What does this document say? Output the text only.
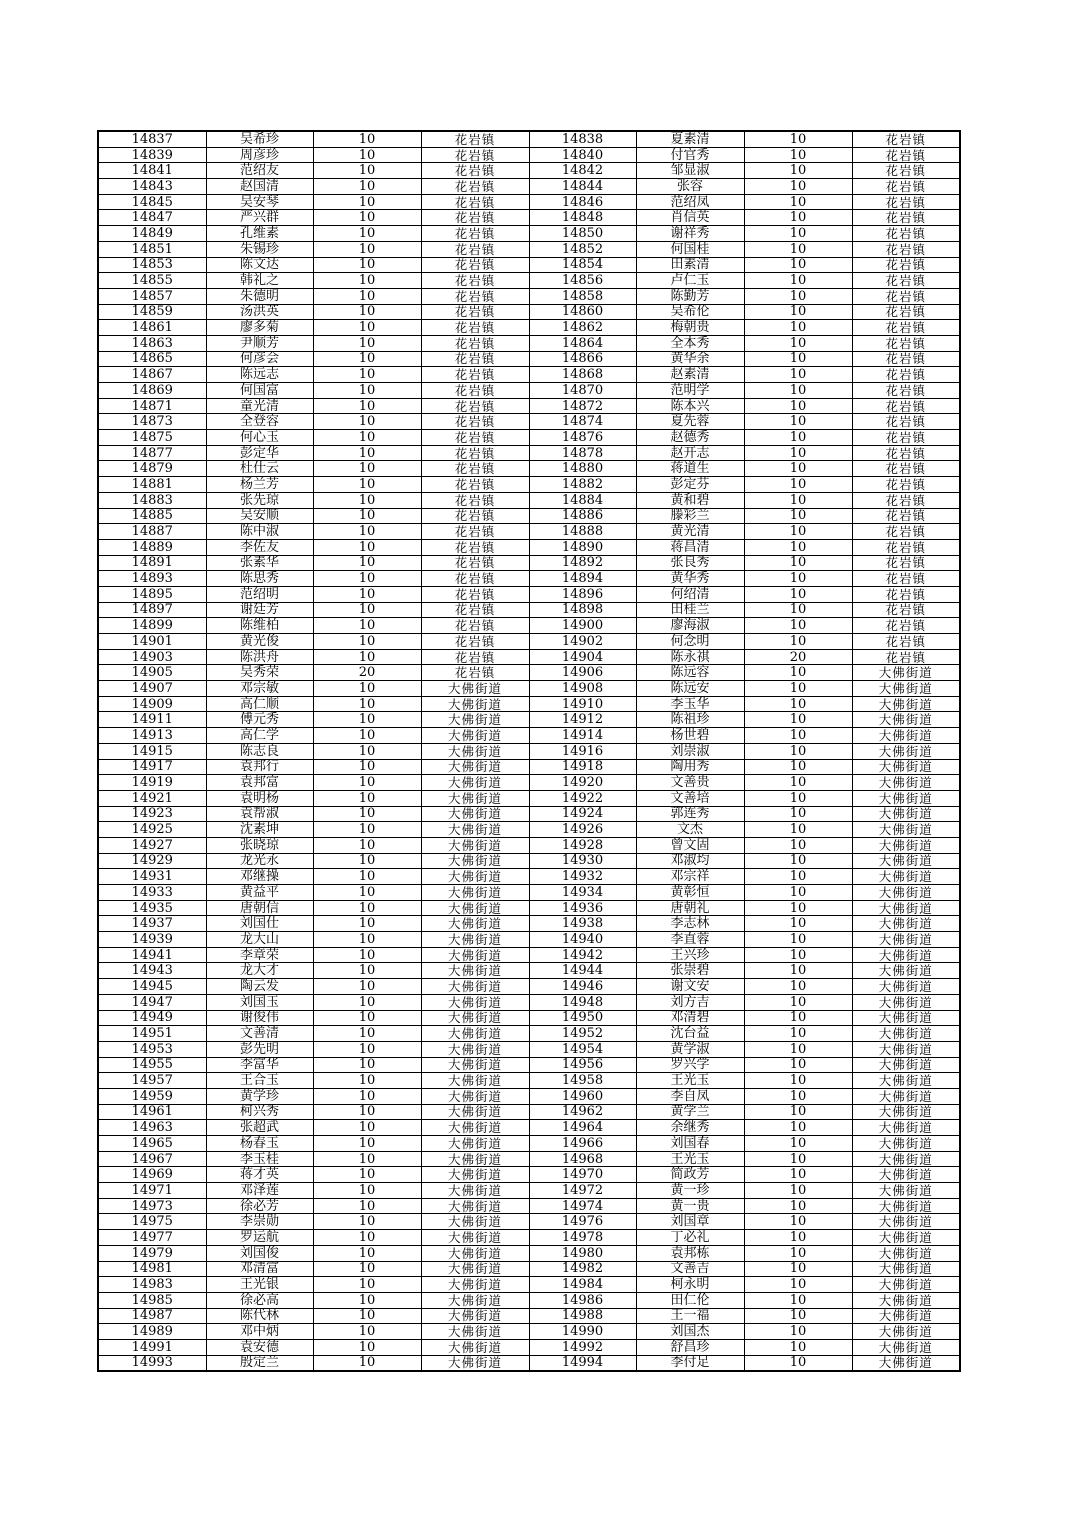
14837	吴希珍	10	花岩镇	14838	夏素清	10	花岩镇
14839	周彦珍	10	花岩镇	14840	付官秀	10	花岩镇
14841	范绍友	10	花岩镇	14842	邹显淑	10	花岩镇
14843	赵国清	10	花岩镇	14844	张容	10	花岩镇
14845	吴安琴	10	花岩镇	14846	范绍凤	10	花岩镇
14847	严兴群	10	花岩镇	14848	肖信英	10	花岩镇
14849	孔维素	10	花岩镇	14850	谢祥秀	10	花岩镇
14851	朱锡珍	10	花岩镇	14852	何国桂	10	花岩镇
14853	陈文达	10	花岩镇	14854	田素清	10	花岩镇
14855	韩礼之	10	花岩镇	14856	卢仁玉	10	花岩镇
14857	朱德明	10	花岩镇	14858	陈勤芳	10	花岩镇
14859	汤洪英	10	花岩镇	14860	吴希伦	10	花岩镇
14861	廖多菊	10	花岩镇	14862	梅朝贵	10	花岩镇
14863	尹顺芳	10	花岩镇	14864	全本秀	10	花岩镇
14865	何彦会	10	花岩镇	14866	黄华余	10	花岩镇
14867	陈远志	10	花岩镇	14868	赵素清	10	花岩镇
14869	何国富	10	花岩镇	14870	范明学	10	花岩镇
14871	童光清	10	花岩镇	14872	陈本兴	10	花岩镇
14873	全登容	10	花岩镇	14874	夏先蓉	10	花岩镇
14875	何心玉	10	花岩镇	14876	赵德秀	10	花岩镇
14877	彭定华	10	花岩镇	14878	赵开志	10	花岩镇
14879	杜仕云	10	花岩镇	14880	蒋道生	10	花岩镇
14881	杨兰芳	10	花岩镇	14882	彭定芬	10	花岩镇
14883	张先琼	10	花岩镇	14884	黄和碧	10	花岩镇
14885	吴安顺	10	花岩镇	14886	滕彩兰	10	花岩镇
14887	陈中淑	10	花岩镇	14888	黄光清	10	花岩镇
14889	李佐友	10	花岩镇	14890	蒋昌清	10	花岩镇
14891	张素华	10	花岩镇	14892	张良秀	10	花岩镇
14893	陈思秀	10	花岩镇	14894	黄华秀	10	花岩镇
14895	范绍明	10	花岩镇	14896	何绍清	10	花岩镇
14897	谢廷芳	10	花岩镇	14898	田桂兰	10	花岩镇
14899	陈维柏	10	花岩镇	14900	廖海淑	10	花岩镇
14901	黄光俊	10	花岩镇	14902	何念明	10	花岩镇
14903	陈洪舟	10	花岩镇	14904	陈永祺	20	花岩镇
14905	吴秀荣	20	花岩镇	14906	陈远容	10	大佛街道
14907	邓宗敏	10	大佛街道	14908	陈远安	10	大佛街道
14909	高仁顺	10	大佛街道	14910	李玉华	10	大佛街道
14911	傅元秀	10	大佛街道	14912	陈祖珍	10	大佛街道
14913	高仁学	10	大佛街道	14914	杨世碧	10	大佛街道
14915	陈志良	10	大佛街道	14916	刘崇淑	10	大佛街道
14917	袁邦行	10	大佛街道	14918	陶用秀	10	大佛街道
14919	袁邦富	10	大佛街道	14920	文善贵	10	大佛街道
14921	袁明杨	10	大佛街道	14922	文善培	10	大佛街道
14923	袁帮淑	10	大佛街道	14924	郭连秀	10	大佛街道
14925	沈素坤	10	大佛街道	14926	文杰	10	大佛街道
14927	张晓琼	10	大佛街道	14928	曾文固	10	大佛街道
14929	龙光永	10	大佛街道	14930	邓淑均	10	大佛街道
14931	邓继操	10	大佛街道	14932	邓宗祥	10	大佛街道
14933	黄益平	10	大佛街道	14934	黄彰恒	10	大佛街道
14935	唐朝信	10	大佛街道	14936	唐朝礼	10	大佛街道
14937	刘国仕	10	大佛街道	14938	李志林	10	大佛街道
14939	龙大山	10	大佛街道	14940	李直蓉	10	大佛街道
14941	李章荣	10	大佛街道	14942	王兴珍	10	大佛街道
14943	龙大才	10	大佛街道	14944	张崇碧	10	大佛街道
14945	陶云发	10	大佛街道	14946	谢文安	10	大佛街道
14947	刘国玉	10	大佛街道	14948	刘方吉	10	大佛街道
14949	谢俊伟	10	大佛街道	14950	邓清碧	10	大佛街道
14951	文善清	10	大佛街道	14952	沈台益	10	大佛街道
14953	彭先明	10	大佛街道	14954	黄学淑	10	大佛街道
14955	李富华	10	大佛街道	14956	罗兴学	10	大佛街道
14957	王合玉	10	大佛街道	14958	王光玉	10	大佛街道
14959	黄学珍	10	大佛街道	14960	李自凤	10	大佛街道
14961	柯兴秀	10	大佛街道	14962	黄学兰	10	大佛街道
14963	张超武	10	大佛街道	14964	余继秀	10	大佛街道
14965	杨春玉	10	大佛街道	14966	刘国春	10	大佛街道
14967	李玉桂	10	大佛街道	14968	王光玉	10	大佛街道
14969	蒋才英	10	大佛街道	14970	简政芳	10	大佛街道
14971	邓泽莲	10	大佛街道	14972	黄一珍	10	大佛街道
14973	徐必芳	10	大佛街道	14974	黄一贵	10	大佛街道
14975	李崇勋	10	大佛街道	14976	刘国章	10	大佛街道
14977	罗运航	10	大佛街道	14978	丁必礼	10	大佛街道
14979	刘国俊	10	大佛街道	14980	袁邦栋	10	大佛街道
14981	邓清富	10	大佛街道	14982	文善吉	10	大佛街道
14983	王光银	10	大佛街道	14984	柯永明	10	大佛街道
14985	徐必高	10	大佛街道	14986	田仁伦	10	大佛街道
14987	陈代林	10	大佛街道	14988	王一福	10	大佛街道
14989	邓中炳	10	大佛街道	14990	刘国杰	10	大佛街道
14991	袁安德	10	大佛街道	14992	舒昌珍	10	大佛街道
14993	殷定兰	10	大佛街道	14994	李付足	10	大佛街道
